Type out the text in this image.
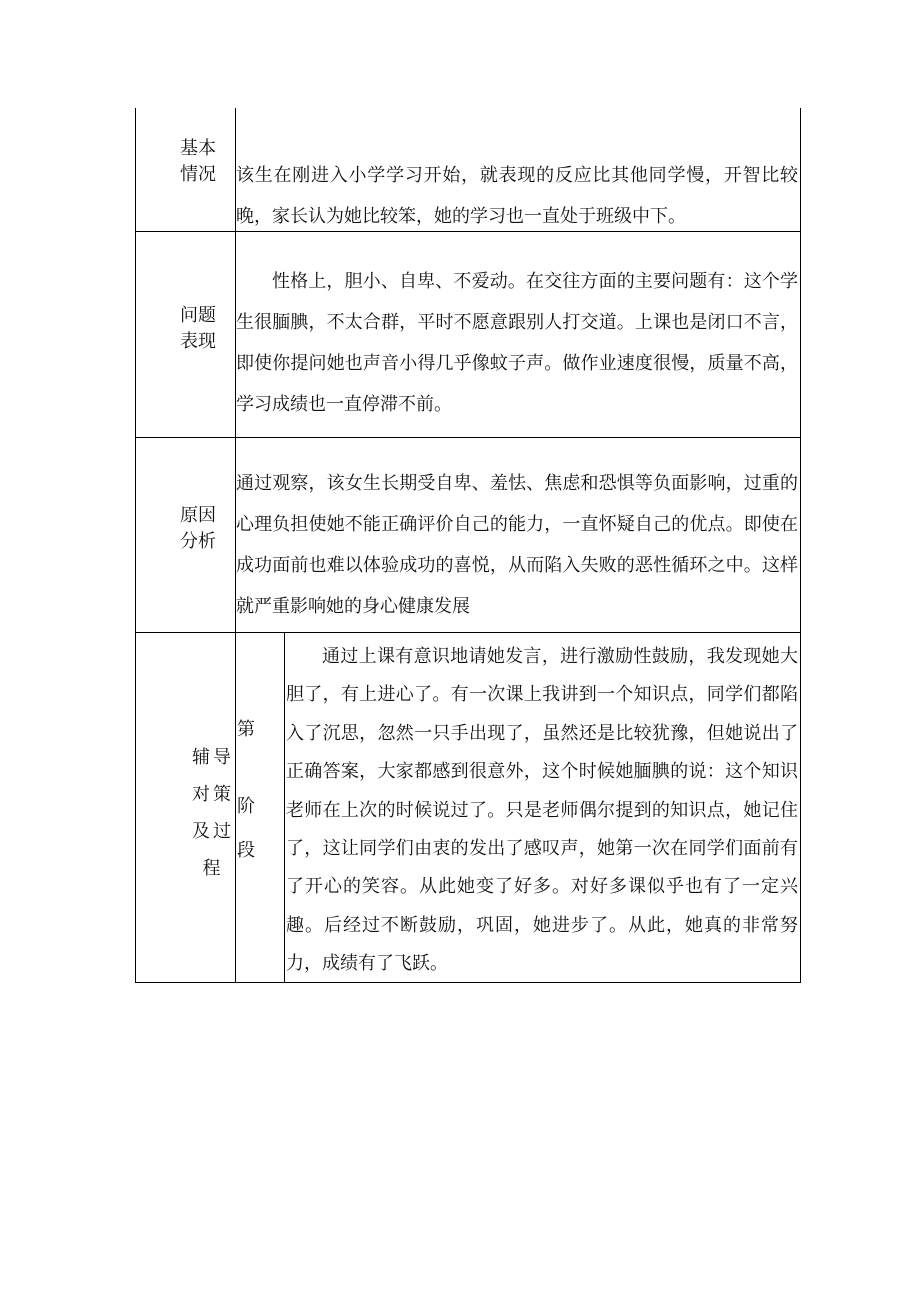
基本
情况 该生在刚进入小学学习开始，就表现的反应比其他同学慢，开智比较晚，家长认为她比较笨，她的学习也一直处于班级中下。
问题
表现
性格上，胆小、自卑、不爱动。在交往方面的主要问题有：这个学生很腼腆，不太合群，平时不愿意跟别人打交道。上课也是闭口不言，即使你提问她也声音小得几乎像蚊子声。做作业速度很慢，质量不高，学习成绩也一直停滞不前。
原因
分析
通过观察，该女生长期受自卑、羞怯、焦虑和恐惧等负面影响，过重的心理负担使她不能正确评价自己的能力，一直怀疑自己的优点。即使在成功面前也难以体验成功的喜悦，从而陷入失败的恶性循环之中。这样就严重影响她的身心健康发展
辅导
对策
及过
程
第
阶
段
通过上课有意识地请她发言，进行激励性鼓励，我发现她大胆了，有上进心了。有一次课上我讲到一个知识点，同学们都陷入了沉思，忽然一只手出现了，虽然还是比较犹豫，但她说出了正确答案，大家都感到很意外，这个时候她腼腆的说：这个知识老师在上次的时候说过了。只是老师偶尔提到的知识点，她记住了，这让同学们由衷的发出了感叹声，她第一次在同学们面前有了开心的笑容。从此她变了好多。对好多课似乎也有了一定兴趣。后经过不断鼓励，巩固，她进步了。从此，她真的非常努力，成绩有了飞跃。
